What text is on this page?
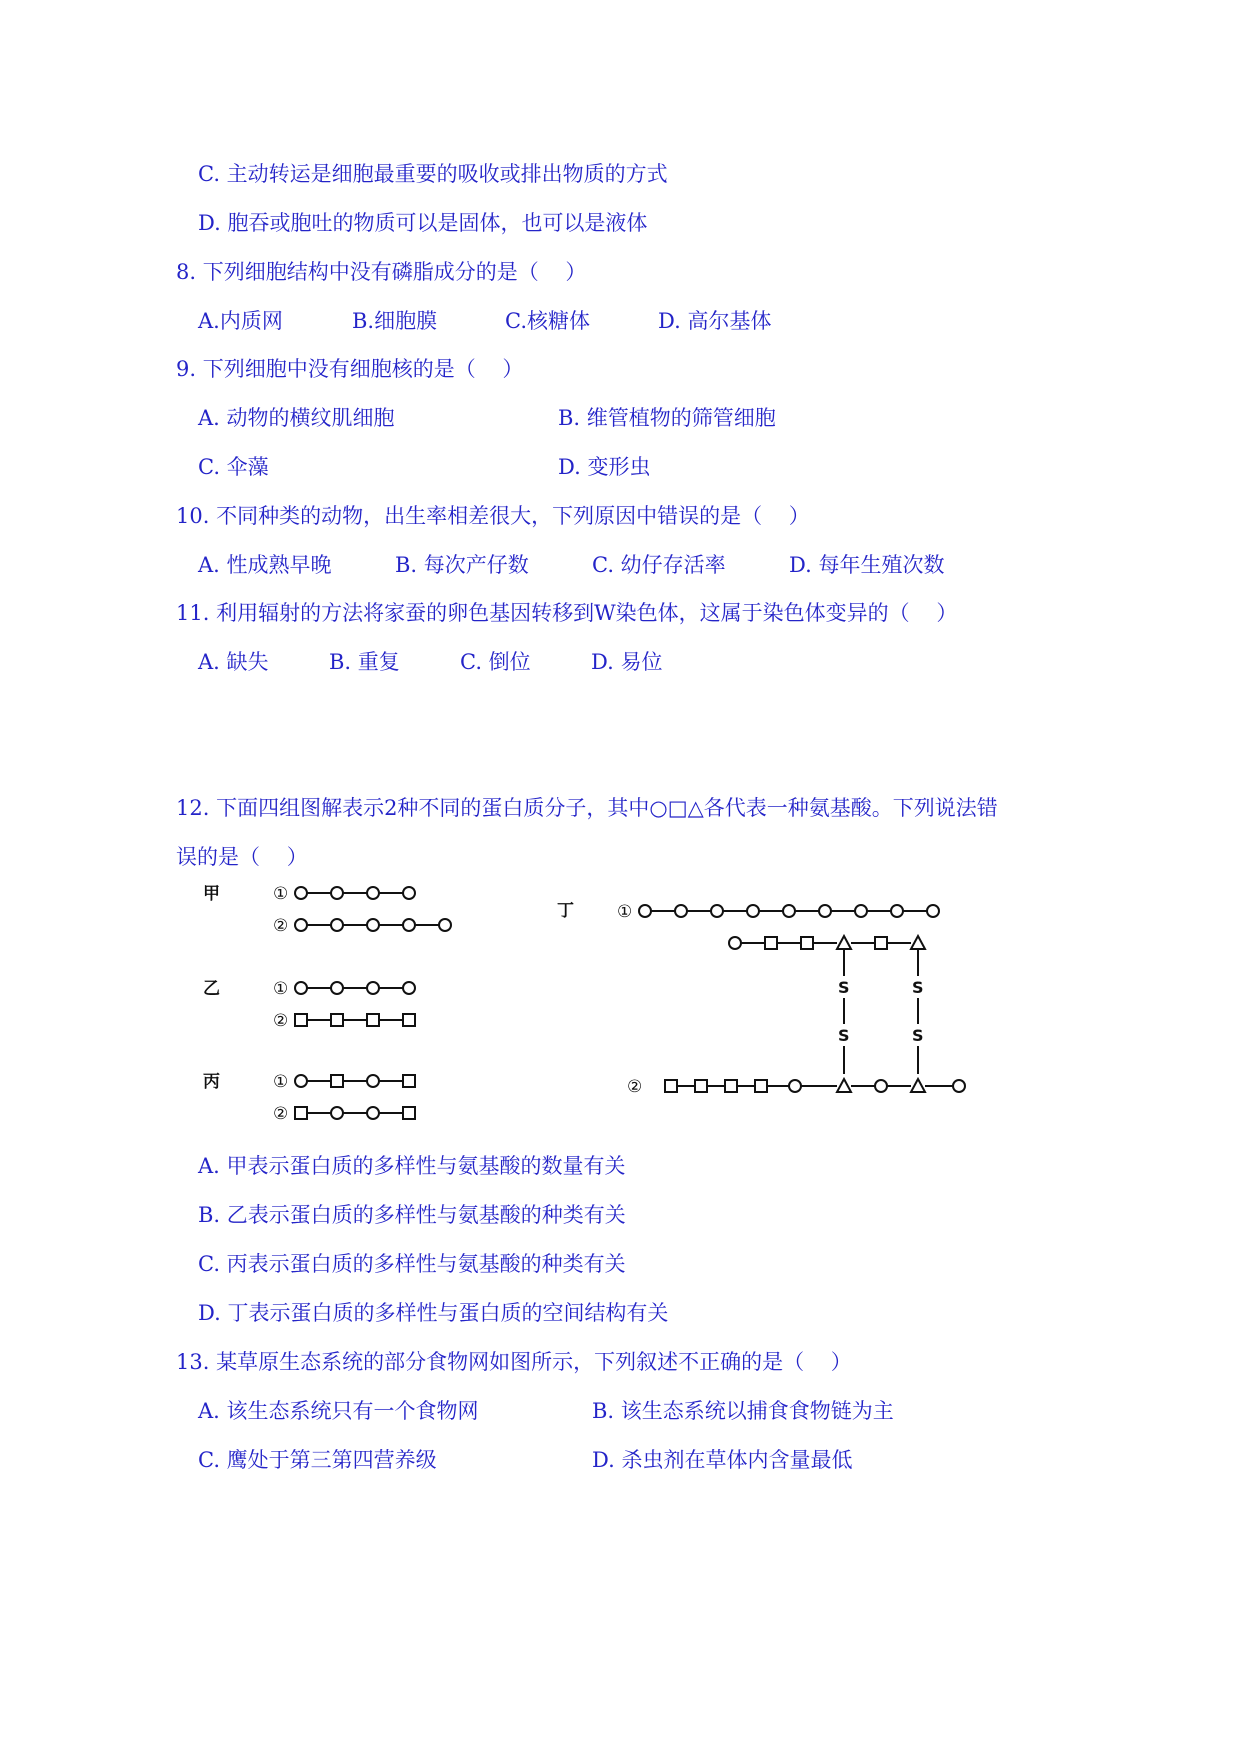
C. 主动转运是细胞最重要的吸收或排出物质的方式
D. 胞吞或胞吐的物质可以是固体，也可以是液体
8. 下列细胞结构中没有磷脂成分的是（    ）
A.内质网	B.细胞膜	C.核糖体	D. 高尔基体
9. 下列细胞中没有细胞核的是（    ）
A. 动物的横纹肌细胞	B. 维管植物的筛管细胞
C. 伞藻	D. 变形虫
10. 不同种类的动物，出生率相差很大，下列原因中错误的是（    ）
A. 性成熟早晚	B. 每次产仔数	C. 幼仔存活率	D. 每年生殖次数
11. 利用辐射的方法将家蚕的卵色基因转移到W染色体，这属于染色体变异的（    ）
A. 缺失	B. 重复	C. 倒位	D. 易位
12. 下面四组图解表示2种不同的蛋白质分子，其中○□△各代表一种氨基酸。下列说法错
误的是（    ）
甲
乙
丙
丁
①
②
①
②
①
②
①
②
S
S
S
S
A. 甲表示蛋白质的多样性与氨基酸的数量有关
B. 乙表示蛋白质的多样性与氨基酸的种类有关
C. 丙表示蛋白质的多样性与氨基酸的种类有关
D. 丁表示蛋白质的多样性与蛋白质的空间结构有关
13. 某草原生态系统的部分食物网如图所示，下列叙述不正确的是（    ）
A. 该生态系统只有一个食物网	B. 该生态系统以捕食食物链为主
C. 鹰处于第三第四营养级	D. 杀虫剂在草体内含量最低
